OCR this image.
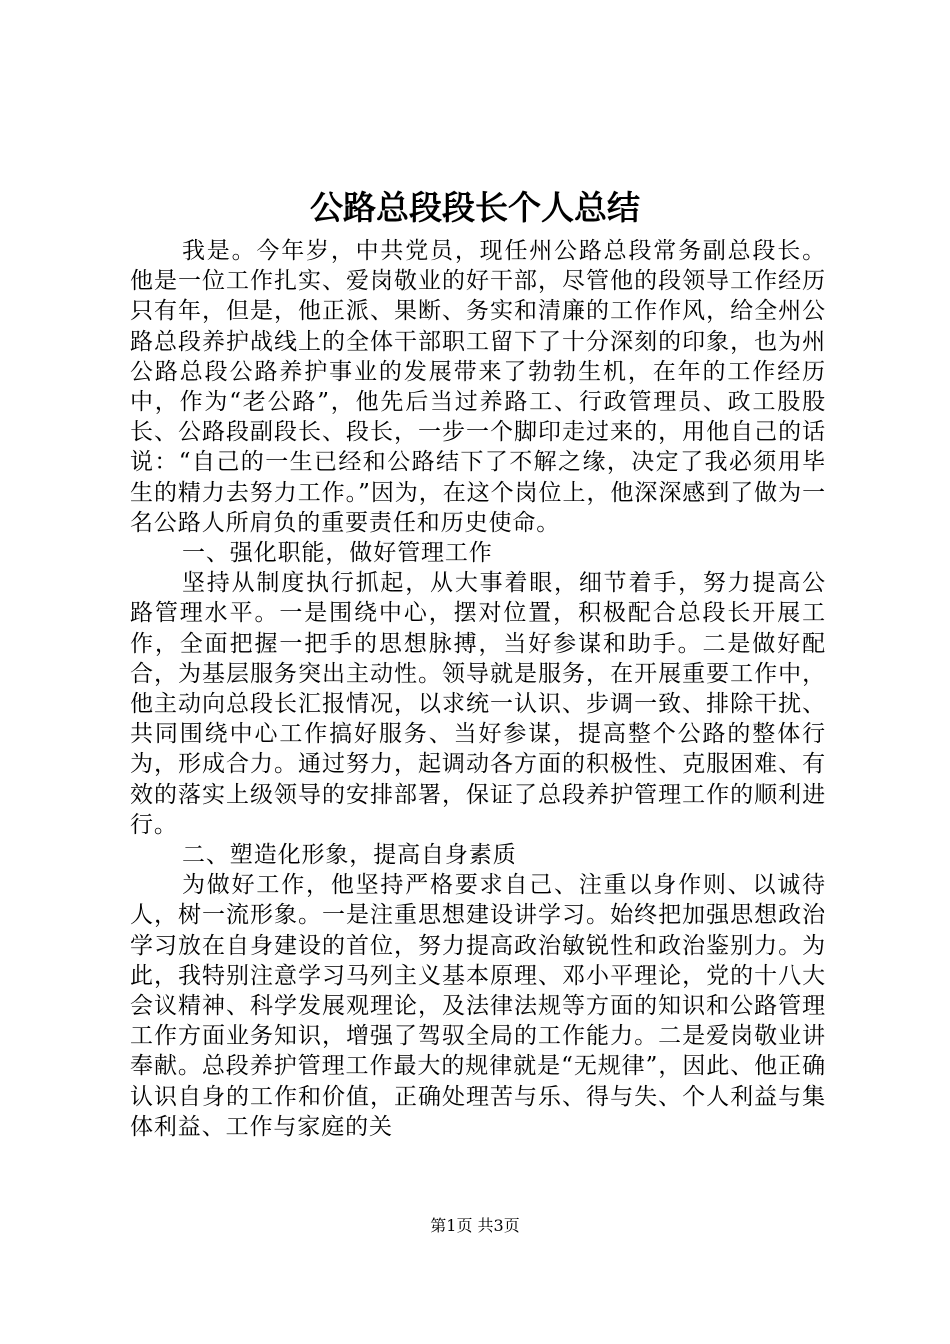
公路总段段长个人总结

我是。今年岁，中共党员，现任州公路总段常务副总段长。他是一位工作扎实、爱岗敬业的好干部，尽管他的段领导工作经历只有年，但是，他正派、果断、务实和清廉的工作作风，给全州公路总段养护战线上的全体干部职工留下了十分深刻的印象，也为州公路总段公路养护事业的发展带来了勃勃生机，在年的工作经历中，作为“老公路”，他先后当过养路工、行政管理员、政工股股长、公路段副段长、段长，一步一个脚印走过来的，用他自己的话说：“自己的一生已经和公路结下了不解之缘，决定了我必须用毕生的精力去努力工作。”因为，在这个岗位上，他深深感到了做为一名公路人所肩负的重要责任和历史使命。

一、强化职能，做好管理工作

坚持从制度执行抓起，从大事着眼，细节着手，努力提高公路管理水平。一是围绕中心，摆对位置，积极配合总段长开展工作，全面把握一把手的思想脉搏，当好参谋和助手。二是做好配合，为基层服务突出主动性。领导就是服务，在开展重要工作中，他主动向总段长汇报情况，以求统一认识、步调一致、排除干扰、共同围绕中心工作搞好服务、当好参谋，提高整个公路的整体行为，形成合力。通过努力，起调动各方面的积极性、克服困难、有效的落实上级领导的安排部署，保证了总段养护管理工作的顺利进行。

二、塑造化形象，提高自身素质

为做好工作，他坚持严格要求自己、注重以身作则、以诚待人，树一流形象。一是注重思想建设讲学习。始终把加强思想政治学习放在自身建设的首位，努力提高政治敏锐性和政治鉴别力。为此，我特别注意学习马列主义基本原理、邓小平理论，党的十八大会议精神、科学发展观理论，及法律法规等方面的知识和公路管理工作方面业务知识，增强了驾驭全局的工作能力。二是爱岗敬业讲奉献。总段养护管理工作最大的规律就是“无规律”，因此、他正确认识自身的工作和价值，正确处理苦与乐、得与失、个人利益与集体利益、工作与家庭的关

第1页 共3页
